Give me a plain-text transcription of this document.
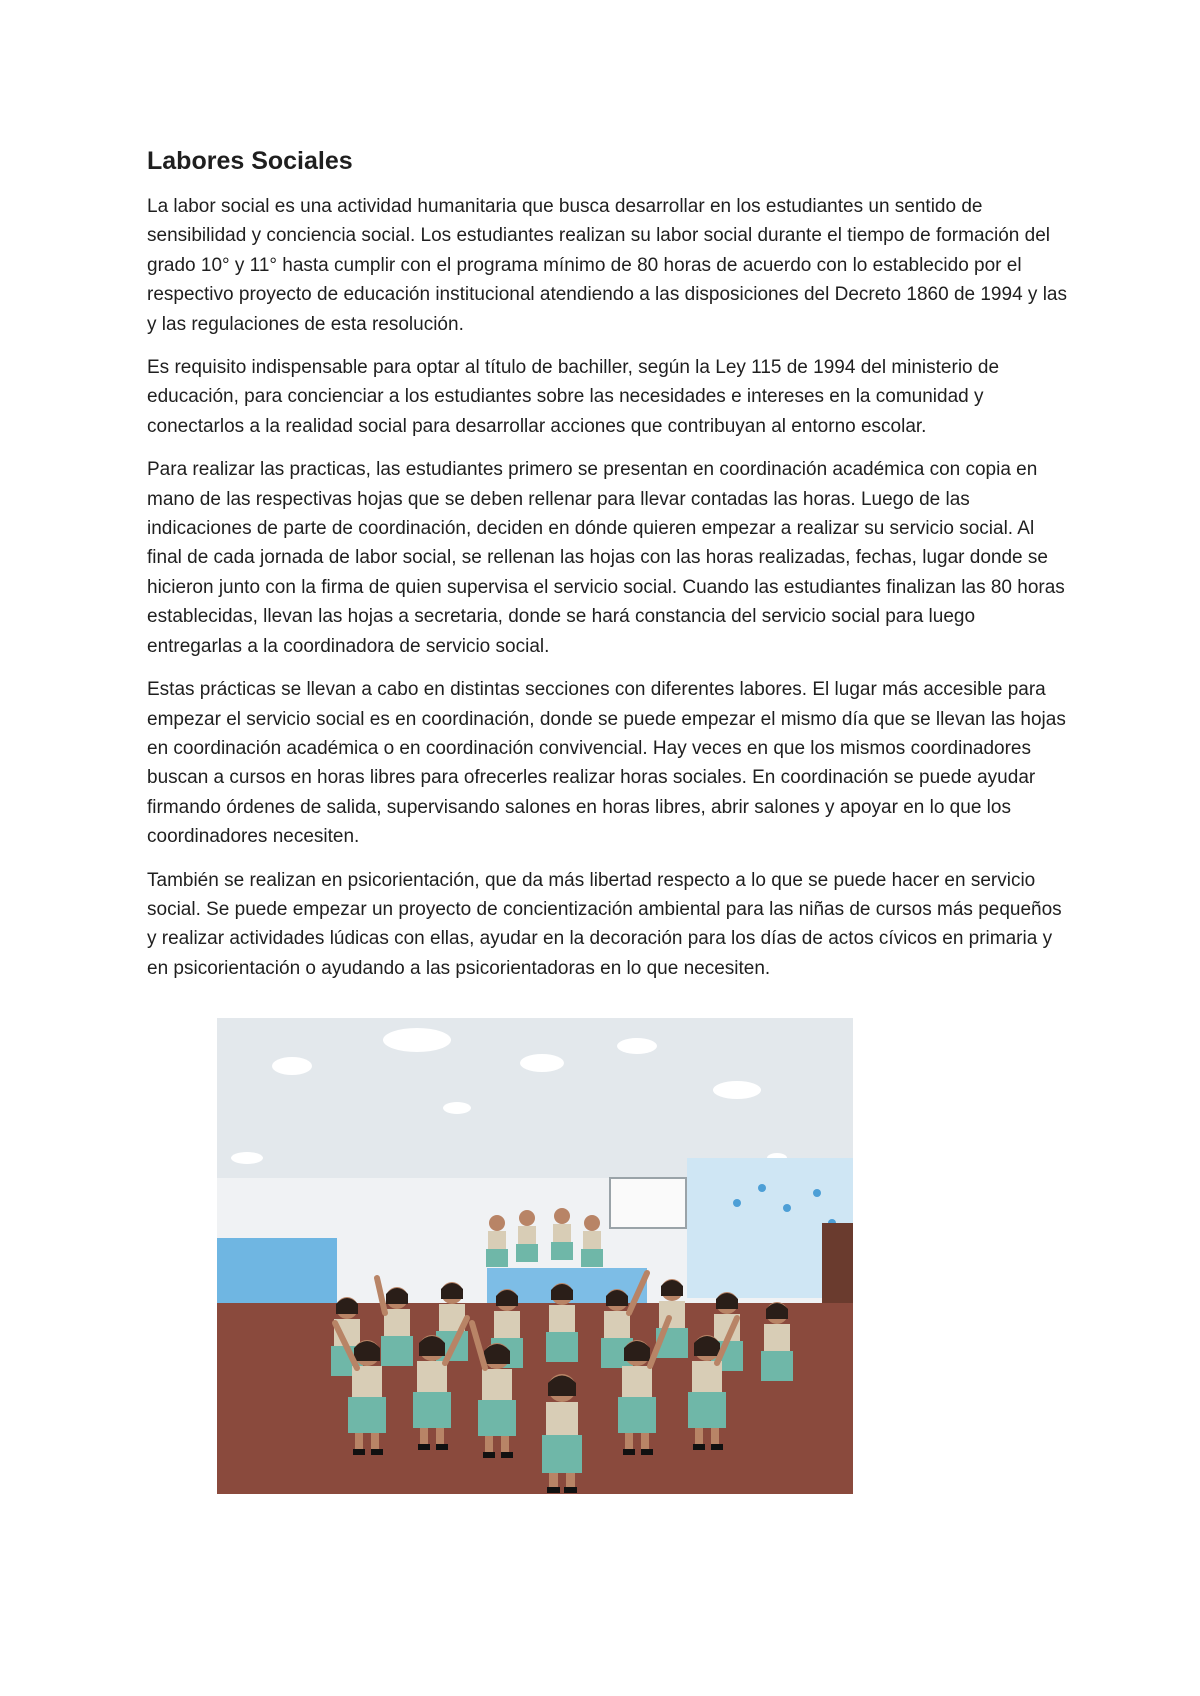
Labores Sociales

La labor social es una actividad humanitaria que busca desarrollar en los estudiantes un sentido de sensibilidad y conciencia social. Los estudiantes realizan su labor social durante el tiempo de formación del grado 10° y 11° hasta cumplir con el programa mínimo de 80 horas de acuerdo con lo establecido por el respectivo proyecto de educación institucional atendiendo a las disposiciones del Decreto 1860 de 1994 y las y las regulaciones de esta resolución.

Es requisito indispensable para optar al título de bachiller, según la Ley 115 de 1994 del ministerio de educación, para concienciar a los estudiantes sobre las necesidades e intereses en la comunidad y conectarlos a la realidad social para desarrollar acciones que contribuyan al entorno escolar.

Para realizar las practicas, las estudiantes primero se presentan en coordinación académica con copia en mano de las respectivas hojas que se deben rellenar para llevar contadas las horas. Luego de las indicaciones de parte de coordinación, deciden en dónde quieren empezar a realizar su servicio social. Al final de cada jornada de labor social, se rellenan las hojas con las horas realizadas, fechas, lugar donde se hicieron junto con la firma de quien supervisa el servicio social. Cuando las estudiantes finalizan las 80 horas establecidas, llevan las hojas a secretaria, donde se hará constancia del servicio social para luego entregarlas a la coordinadora de servicio social.

Estas prácticas se llevan a cabo en distintas secciones con diferentes labores. El lugar más accesible para empezar el servicio social es en coordinación, donde se puede empezar el mismo día que se llevan las hojas en coordinación académica o en coordinación convivencial. Hay veces en que los mismos coordinadores buscan a cursos en horas libres para ofrecerles realizar horas sociales. En coordinación se puede ayudar firmando órdenes de salida, supervisando salones en horas libres, abrir salones y apoyar en lo que los coordinadores necesiten.

También se realizan en psicorientación, que da más libertad respecto a lo que se puede hacer en servicio social. Se puede empezar un proyecto de concientización ambiental para las niñas de cursos más pequeños y realizar actividades lúdicas con ellas, ayudar en la decoración para los días de actos cívicos en primaria y en psicorientación o ayudando a las psicorientadoras en lo que necesiten.
